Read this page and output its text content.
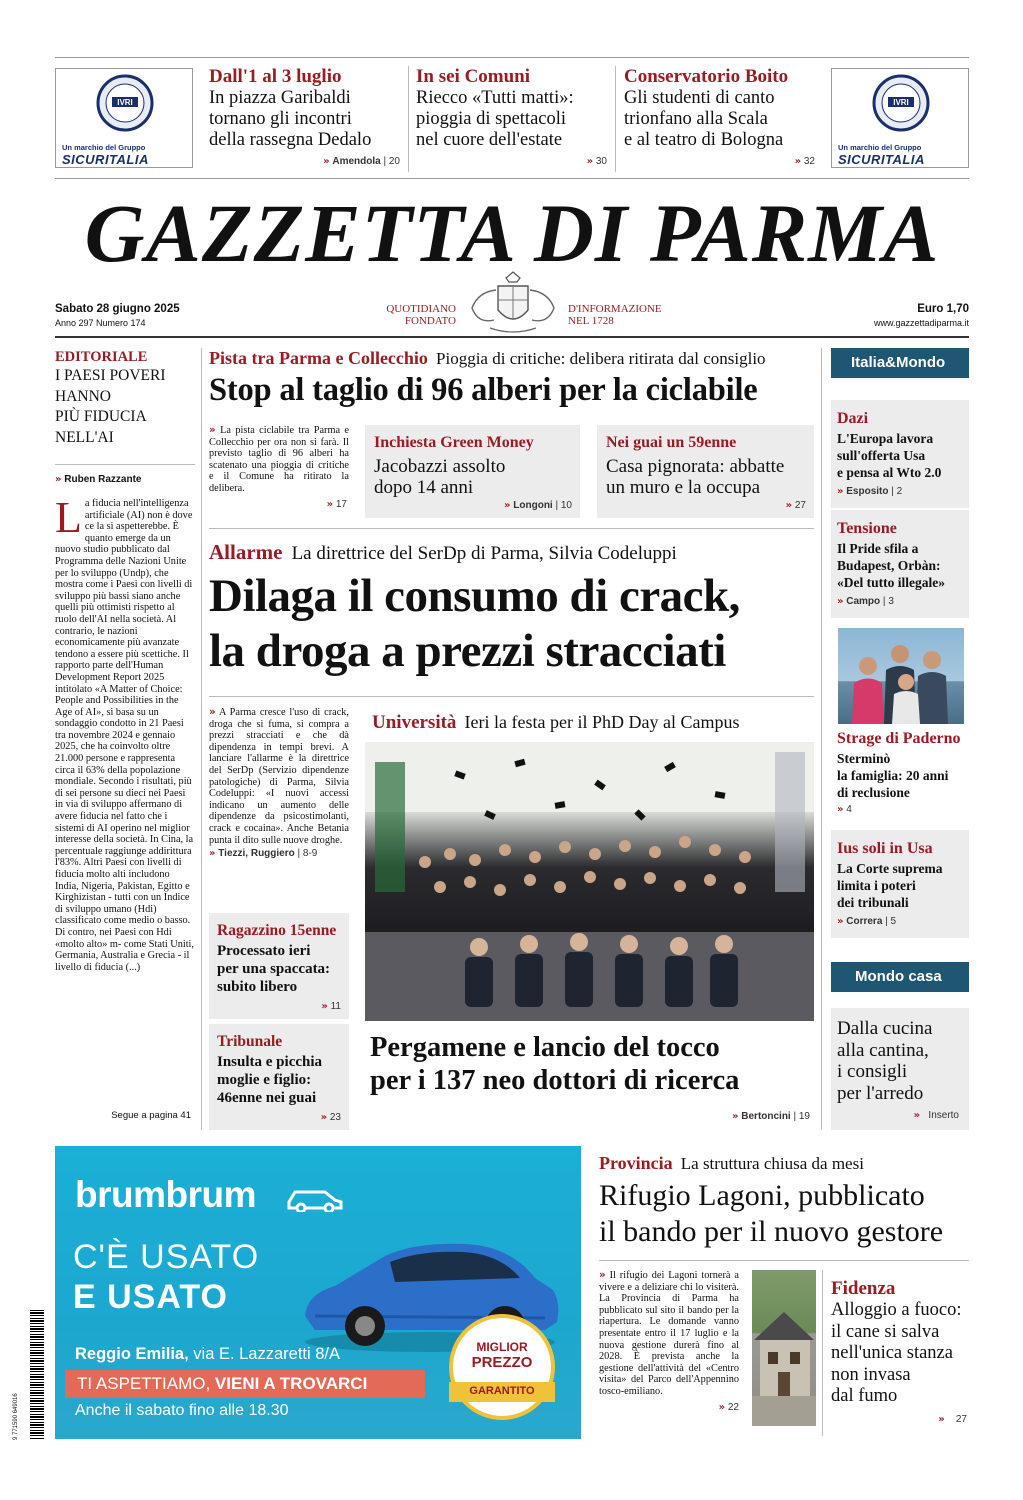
IVRI
Un marchio del Gruppo
SICURITALIA
IVRI
Un marchio del Gruppo
SICURITALIA
Dall'1 al 3 luglio
In piazza Garibaldi
tornano gli incontri
della rassegna Dedalo
» Amendola | 20
In sei Comuni
Riecco «Tutti matti»:
pioggia di spettacoli
nel cuore dell'estate
» 30
Conservatorio Boito
Gli studenti di canto
trionfano alla Scala
e al teatro di Bologna
» 32
GAZZETTA DI PARMA
Sabato 28 giugno 2025
Anno 297 Numero 174
QUOTIDIANO
FONDATO
D'INFORMAZIONE
NEL 1728
Euro 1,70
www.gazzettadiparma.it
EDITORIALE
I PAESI POVERI
HANNO
PIÙ FIDUCIA
NELL'AI
» Ruben Razzante
L a fiducia nell'intelligenza artificiale (AI) non è dove ce la si aspetterebbe. È quanto emerge da un nuovo studio pubblicato dal Programma delle Nazioni Unite per lo sviluppo (Undp), che mostra come i Paesi con livelli di sviluppo più bassi siano anche quelli più ottimisti rispetto al ruolo dell'AI nella società. Al contrario, le nazioni economicamente più avanzate tendono a essere più scettiche. Il rapporto parte dell'Human Development Report 2025 intitolato «A Matter of Choice: People and Possibilities in the Age of AI», si basa su un sondaggio condotto in 21 Paesi tra novembre 2024 e gennaio 2025, che ha coinvolto oltre 21.000 persone e rappresenta circa il 63% della popolazione mondiale. Secondo i risultati, più di sei persone su dieci nei Paesi in via di sviluppo affermano di avere fiducia nel fatto che i sistemi di AI operino nel miglior interesse della società. In Cina, la percentuale raggiunge addirittura l'83%. Altri Paesi con livelli di fiducia molto alti includono India, Nigeria, Pakistan, Egitto e Kirghizistan - tutti con un Indice di sviluppo umano (Hdi) classificato come medio o basso. Di contro, nei Paesi con Hdi «molto alto» m- come Stati Uniti, Germania, Australia e Grecia - il livello di fiducia (...)
Segue a pagina 41
Pista tra Parma e Collecchio Pioggia di critiche: delibera ritirata dal consiglio
Stop al taglio di 96 alberi per la ciclabile
» La pista ciclabile tra Parma e Collecchio per ora non si farà. Il previsto taglio di 96 alberi ha scatenato una pioggia di critiche e il Comune ha ritirato la delibera.
» 17
Inchiesta Green Money
Jacobazzi assolto
dopo 14 anni
» Longoni | 10
Nei guai un 59enne
Casa pignorata: abbatte
un muro e la occupa
» 27
Allarme La direttrice del SerDp di Parma, Silvia Codeluppi
Dilaga il consumo di crack,
la droga a prezzi stracciati
» A Parma cresce l'uso di crack, droga che si fuma, si compra a prezzi stracciati e che dà dipendenza in tempi brevi. A lanciare l'allarme è la direttrice del SerDp (Servizio dipendenze patologiche) di Parma, Silvia Codeluppi: «I nuovi accessi indicano un aumento delle dipendenze da psicostimolanti, crack e cocaina». Anche Betania punta il dito sulle nuove droghe.
» Tiezzi, Ruggiero | 8-9
Ragazzino 15enne
Processato ieri
per una spaccata:
subito libero
» 11
Tribunale
Insulta e picchia
moglie e figlio:
46enne nei guai
» 23
Università Ieri la festa per il PhD Day al Campus
Pergamene e lancio del tocco
per i 137 neo dottori di ricerca
» Bertoncini | 19
Italia&Mondo
Dazi
L'Europa lavora
sull'offerta Usa
e pensa al Wto 2.0
» Esposito | 2
Tensione
Il Pride sfila a
Budapest, Orbàn:
«Del tutto illegale»
» Campo | 3
Strage di Paderno
Sterminò
la famiglia: 20 anni
di reclusione
» 4
Ius soli in Usa
La Corte suprema
limita i poteri
dei tribunali
» Correra | 5
Mondo casa
Dalla cucina
alla cantina,
i consigli
per l'arredo
» Inserto
brumbrum
C'È USATO
E USATO
Reggio Emilia, via E. Lazzaretti 8/A
TI ASPETTIAMO, VIENI A TROVARCI
Anche il sabato fino alle 18.30
MIGLIOR
PREZZO
GARANTITO
9 771590 649016
Provincia La struttura chiusa da mesi
Rifugio Lagoni, pubblicato
il bando per il nuovo gestore
» Il rifugio dei Lagoni tornerà a vivere e a deliziare chi lo visiterà. La Provincia di Parma ha pubblicato sul sito il bando per la riapertura. Le domande vanno presentate entro il 17 luglio e la nuova gestione durerà fino al 2028. È prevista anche la gestione dell'attività del «Centro visita» del Parco dell'Appennino tosco-emiliano.
» 22
Fidenza
Alloggio a fuoco:
il cane si salva
nell'unica stanza
non invasa
dal fumo
» 27
